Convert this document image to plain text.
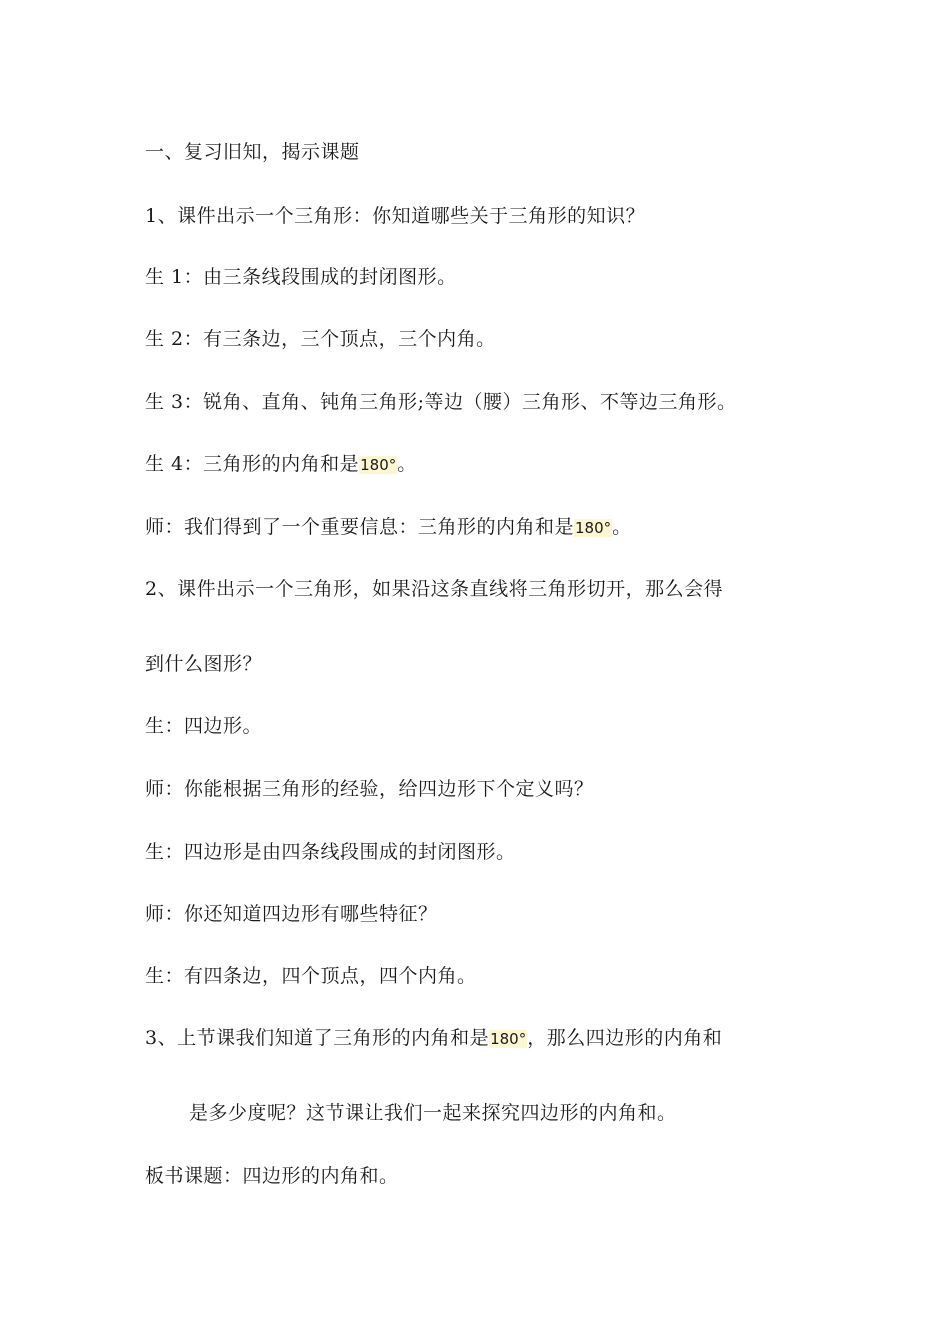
一、复习旧知，揭示课题
1、课件出示一个三角形：你知道哪些关于三角形的知识？
生 1：由三条线段围成的封闭图形。
生 2：有三条边，三个顶点，三个内角。
生 3：锐角、直角、钝角三角形;等边（腰）三角形、不等边三角形。
生 4：三角形的内角和是180°。
师：我们得到了一个重要信息：三角形的内角和是180°。
2、课件出示一个三角形，如果沿这条直线将三角形切开，那么会得
到什么图形？
生：四边形。
师：你能根据三角形的经验，给四边形下个定义吗？
生：四边形是由四条线段围成的封闭图形。
师：你还知道四边形有哪些特征？
生：有四条边，四个顶点，四个内角。
3、上节课我们知道了三角形的内角和是180°，那么四边形的内角和
是多少度呢？这节课让我们一起来探究四边形的内角和。
板书课题：四边形的内角和。
